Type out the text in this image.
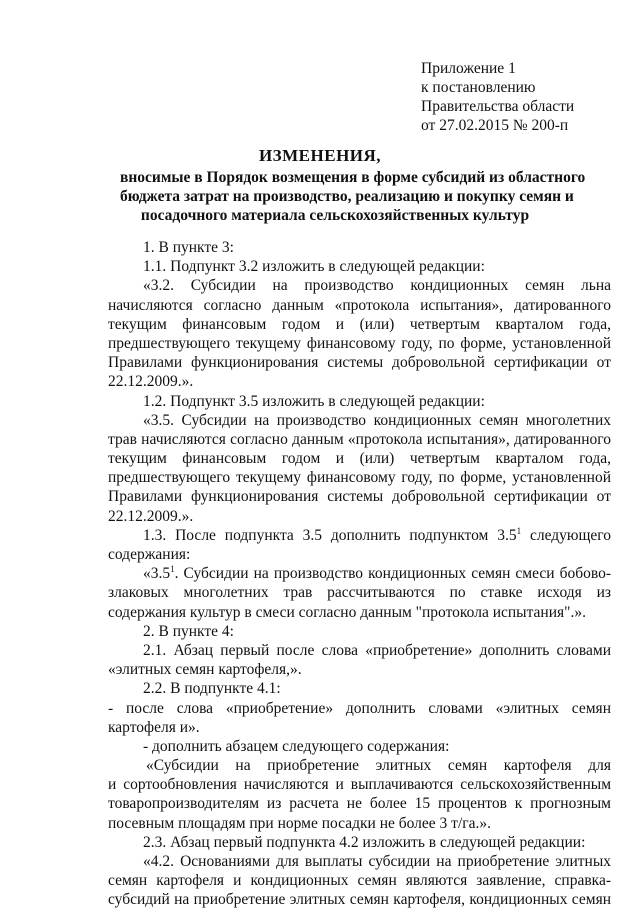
Приложение 1
к постановлению
Правительства области
от 27.02.2015 № 200-п
ИЗМЕНЕНИЯ,
вносимые в Порядок возмещения в форме субсидий из областного
бюджета затрат на производство, реализацию и покупку семян и
посадочного материала сельскохозяйственных культур
1. В пункте 3:
1.1. Подпункт 3.2 изложить в следующей редакции:
«3.2. Субсидии на производство кондиционных семян льна
начисляются согласно данным «протокола испытания», датированного
текущим финансовым годом и (или) четвертым кварталом года,
предшествующего текущему финансовому году, по форме, установленной
Правилами функционирования системы добровольной сертификации от
22.12.2009.».
1.2. Подпункт 3.5 изложить в следующей редакции:
«3.5. Субсидии на производство кондиционных семян многолетних
трав начисляются согласно данным «протокола испытания», датированного
текущим финансовым годом и (или) четвертым кварталом года,
предшествующего текущему финансовому году, по форме, установленной
Правилами функционирования системы добровольной сертификации от
22.12.2009.».
1.3. После подпункта 3.5 дополнить подпунктом $3.5^1$ следующего
содержания:
«$3.5^1$. Субсидии на производство кондиционных семян смеси бобово-
злаковых многолетних трав рассчитываются по ставке исходя из
содержания культур в смеси согласно данным "протокола испытания".».
2. В пункте 4:
2.1. Абзац первый после слова «приобретение» дополнить словами
«элитных семян картофеля,».
2.2. В подпункте 4.1:
- после слова «приобретение» дополнить словами «элитных семян
картофеля и».
- дополнить абзацем следующего содержания:
«Субсидии на приобретение элитных семян картофеля для
и сортообновления начисляются и выплачиваются сельскохозяйственным
товаропроизводителям из расчета не более 15 процентов к прогнозным
посевным площадям при норме посадки не более 3 т/га.».
2.3. Абзац первый подпункта 4.2 изложить в следующей редакции:
«4.2. Основаниями для выплаты субсидии на приобретение элитных
семян картофеля и кондиционных семян являются заявление, справка-
субсидий на приобретение элитных семян картофеля, кондиционных семян
